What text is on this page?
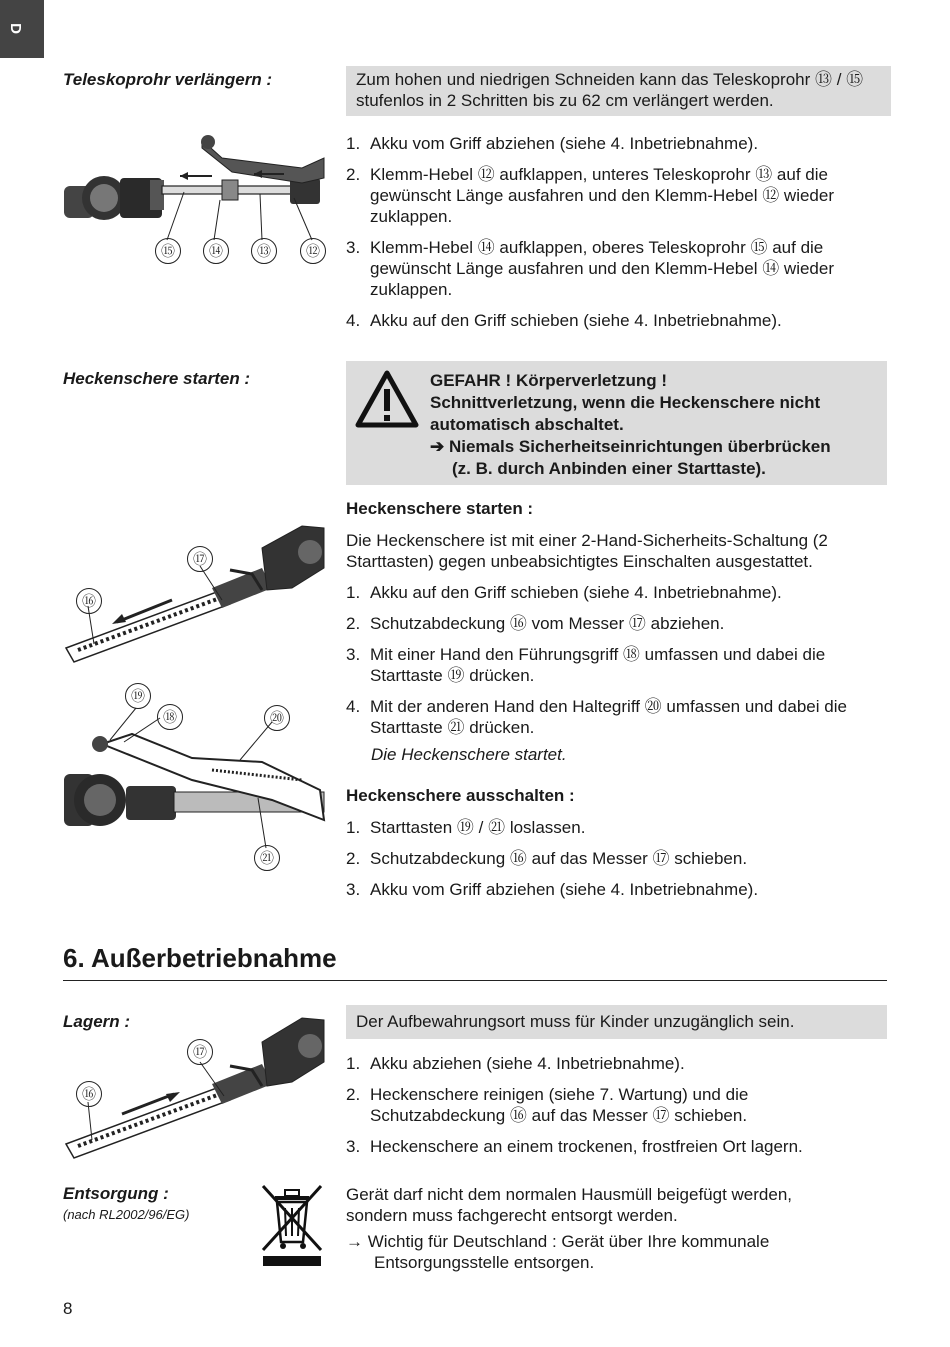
D
Teleskoprohr verlängern :	Zum hohen und niedrigen Schneiden kann das Teleskoprohr ⑬ / ⑮ stufenlos in 2 Schritten bis zu 62 cm verlängert werden.
1. Akku vom Griff abziehen (siehe 4. Inbetriebnahme).
2. Klemm-Hebel ⑫ aufklappen, unteres Teleskoprohr ⑬ auf die gewünscht Länge ausfahren und den Klemm-Hebel ⑫ wieder zuklappen.
3. Klemm-Hebel ⑭ aufklappen, oberes Teleskoprohr ⑮ auf die gewünscht Länge ausfahren und den Klemm-Hebel ⑭ wieder zuklappen.
4. Akku auf den Griff schieben (siehe 4. Inbetriebnahme).
⑮	⑭	⑬	⑫
Heckenschere starten :	GEFAHR ! Körperverletzung !
Schnittverletzung, wenn die Heckenschere nicht automatisch abschaltet.
➔ Niemals Sicherheitseinrichtungen überbrücken
(z. B. durch Anbinden einer Starttaste).
Heckenschere starten :
Die Heckenschere ist mit einer 2-Hand-Sicherheits-Schaltung (2 Starttasten) gegen unbeabsichtigtes Einschalten ausgestattet.
1. Akku auf den Griff schieben (siehe 4. Inbetriebnahme).
2. Schutzabdeckung ⑯ vom Messer ⑰ abziehen.
3. Mit einer Hand den Führungsgriff ⑱ umfassen und dabei die Starttaste ⑲ drücken.
4. Mit der anderen Hand den Haltegriff ⑳ umfassen und dabei die Starttaste ㉑ drücken.
Die Heckenschere startet.
Heckenschere ausschalten :
1. Starttasten ⑲ / ㉑ loslassen.
2. Schutzabdeckung ⑯ auf das Messer ⑰ schieben.
3. Akku vom Griff abziehen (siehe 4. Inbetriebnahme).
⑰
⑯
⑲
⑱	⑳
㉑
6. Außerbetriebnahme
Lagern :	Der Aufbewahrungsort muss für Kinder unzugänglich sein.
1. Akku abziehen (siehe 4. Inbetriebnahme).
2. Heckenschere reinigen (siehe 7. Wartung) und die Schutzabdeckung ⑯ auf das Messer ⑰ schieben.
3. Heckenschere an einem trockenen, frostfreien Ort lagern.
⑰
⑯
Entsorgung :
(nach RL2002/96/EG)
Gerät darf nicht dem normalen Hausmüll beigefügt werden, sondern muss fachgerecht entsorgt werden.
→ Wichtig für Deutschland : Gerät über Ihre kommunale Entsorgungsstelle entsorgen.
8
